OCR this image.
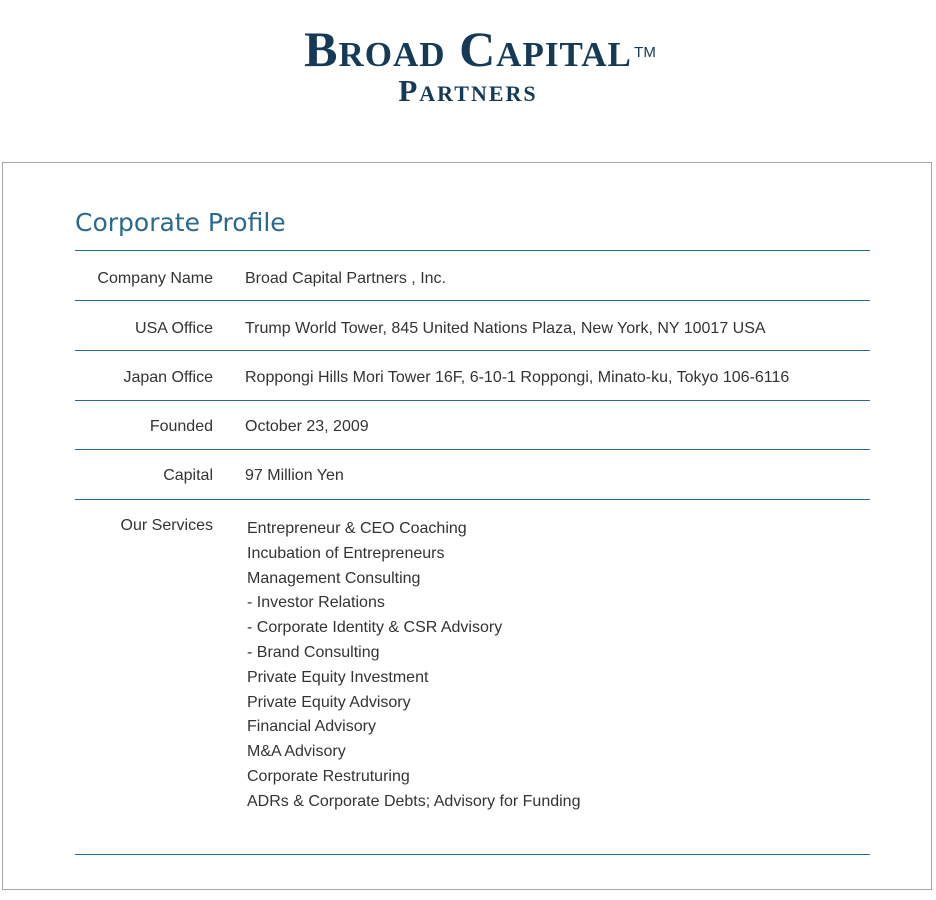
Broad Capital TM
Partners
Corporate Profile
Company Name Broad Capital Partners , Inc.
USA Office Trump World Tower, 845 United Nations Plaza, New York, NY 10017 USA
Japan Office Roppongi Hills Mori Tower 16F, 6-10-1 Roppongi, Minato-ku, Tokyo 106-6116
Founded October 23, 2009
Capital 97 Million Yen
Our Services Entrepreneur & CEO Coaching
Incubation of Entrepreneurs
Management Consulting
- Investor Relations
- Corporate Identity & CSR Advisory
- Brand Consulting
Private Equity Investment
Private Equity Advisory
Financial Advisory
M&A Advisory
Corporate Restruturing
ADRs & Corporate Debts; Advisory for Funding
